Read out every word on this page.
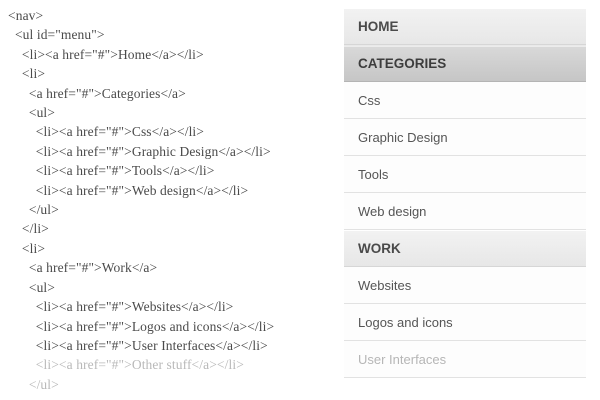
<nav>
<ul id="menu">
<li><a href="#">Home</a></li>
<li>
<a href="#">Categories</a>
<ul>
<li><a href="#">Css</a></li>
<li><a href="#">Graphic Design</a></li>
<li><a href="#">Tools</a></li>
<li><a href="#">Web design</a></li>
</ul>
</li>
<li>
<a href="#">Work</a>
<ul>
<li><a href="#">Websites</a></li>
<li><a href="#">Logos and icons</a></li>
<li><a href="#">User Interfaces</a></li>
<li><a href="#">Other stuff</a></li>
</ul>
HOME
CATEGORIES
Css
Graphic Design
Tools
Web design
WORK
Websites
Logos and icons
User Interfaces
